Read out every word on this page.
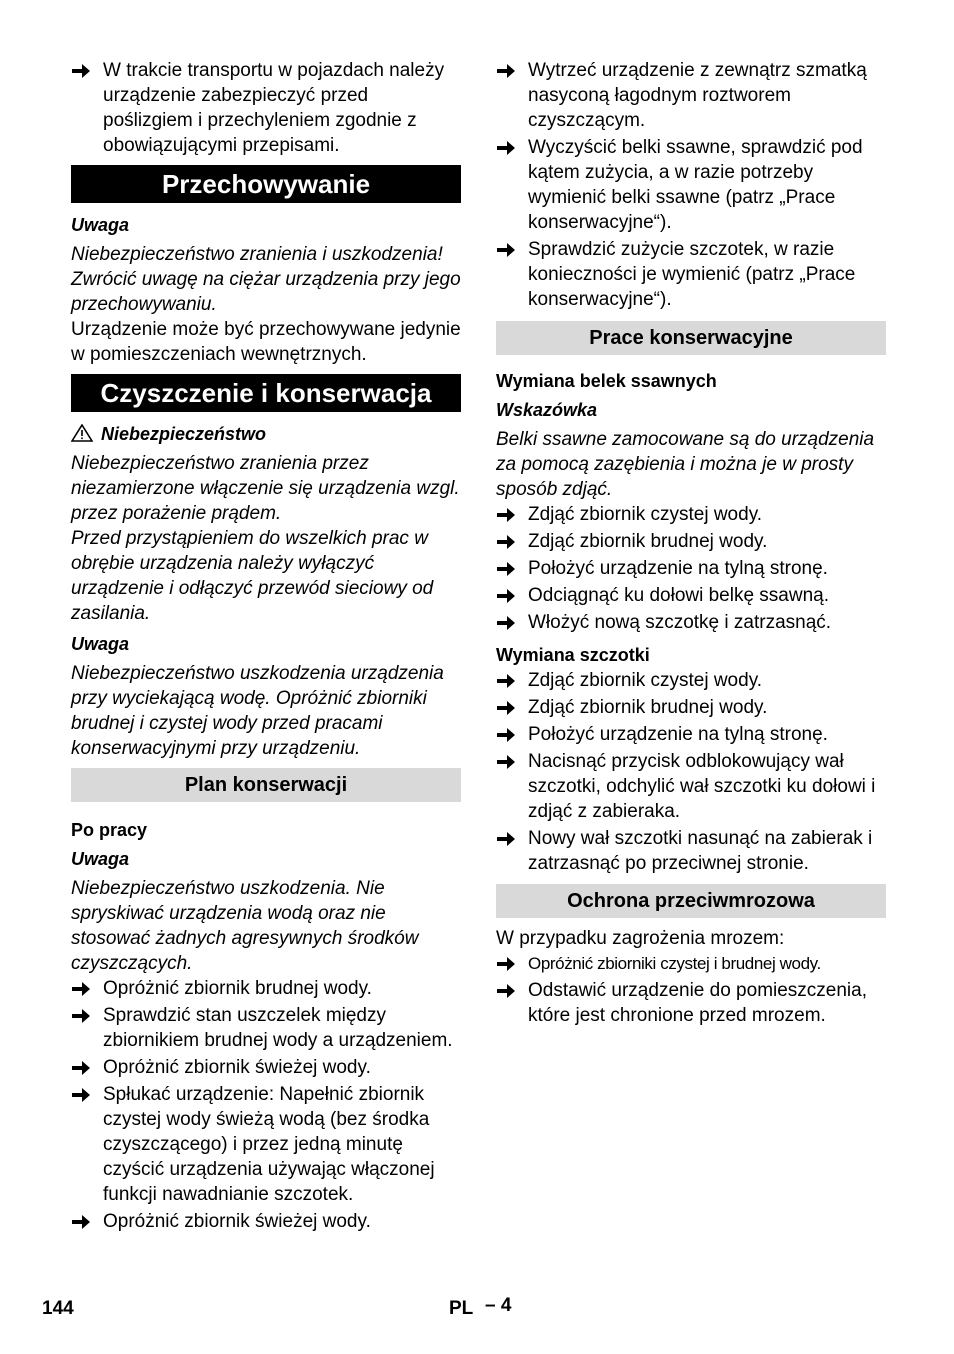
W trakcie transportu w pojazdach należy urządzenie zabezpieczyć przed poślizgiem i przechyleniem zgodnie z obowiązującymi przepisami.

Przechowywanie

Uwaga

Niebezpieczeństwo zranienia i uszkodzenia! Zwrócić uwagę na ciężar urządzenia przy jego przechowywaniu.

Urządzenie może być przechowywane jedynie w pomieszczeniach wewnętrznych.

Czyszczenie i konserwacja

Niebezpieczeństwo

Niebezpieczeństwo zranienia przez niezamierzone włączenie się urządzenia wzgl. przez porażenie prądem.

Przed przystąpieniem do wszelkich prac w obrębie urządzenia należy wyłączyć urządzenie i odłączyć przewód sieciowy od zasilania.

Uwaga

Niebezpieczeństwo uszkodzenia urządzenia przy wyciekającą wodę. Opróżnić zbiorniki brudnej i czystej wody przed pracami konserwacyjnymi przy urządzeniu.

Plan konserwacji

Po pracy

Uwaga

Niebezpieczeństwo uszkodzenia. Nie spryskiwać urządzenia wodą oraz nie stosować żadnych agresywnych środków czyszczących.

Opróżnić zbiornik brudnej wody.

Sprawdzić stan uszczelek między zbiornikiem brudnej wody a urządzeniem.

Opróżnić zbiornik świeżej wody.

Spłukać urządzenie: Napełnić zbiornik czystej wody świeżą wodą (bez środka czyszczącego) i przez jedną minutę czyścić urządzenia używając włączonej funkcji nawadnianie szczotek.

Opróżnić zbiornik świeżej wody.

Wytrzeć urządzenie z zewnątrz szmatką nasyconą łagodnym roztworem czyszczącym.

Wyczyścić belki ssawne, sprawdzić pod kątem zużycia, a w razie potrzeby wymienić belki ssawne (patrz „Prace konserwacyjne“).

Sprawdzić zużycie szczotek, w razie konieczności je wymienić (patrz „Prace konserwacyjne“).

Prace konserwacyjne

Wymiana belek ssawnych

Wskazówka

Belki ssawne zamocowane są do urządzenia za pomocą zazębienia i można je w prosty sposób zdjąć.

Zdjąć zbiornik czystej wody.

Zdjąć zbiornik brudnej wody.

Położyć urządzenie na tylną stronę.

Odciągnąć ku dołowi belkę ssawną.

Włożyć nową szczotkę i zatrzasnąć.

Wymiana szczotki

Zdjąć zbiornik czystej wody.

Zdjąć zbiornik brudnej wody.

Położyć urządzenie na tylną stronę.

Nacisnąć przycisk odblokowujący wał szczotki, odchylić wał szczotki ku dołowi i zdjąć z zabieraka.

Nowy wał szczotki nasunąć na zabierak i zatrzasnąć po przeciwnej stronie.

Ochrona przeciwmrozowa

W przypadku zagrożenia mrozem:

Opróżnić zbiorniki czystej i brudnej wody.

Odstawić urządzenie do pomieszczenia, które jest chronione przed mrozem.

144	PL – 4
